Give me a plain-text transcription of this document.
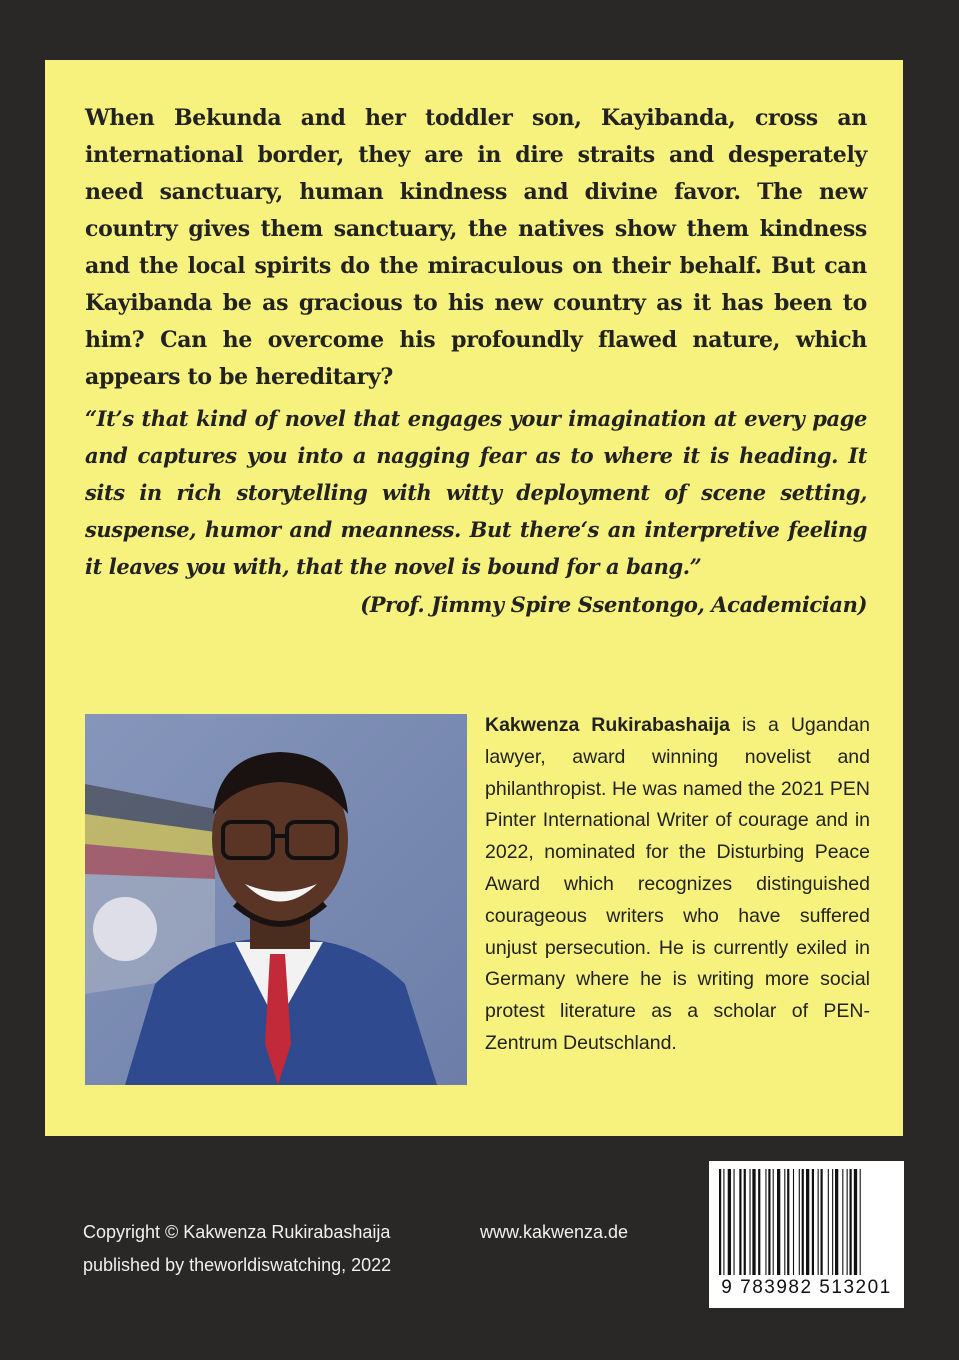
When Bekunda and her toddler son, Kayibanda, cross an international border, they are in dire straits and desperately need sanctuary, human kindness and divine favor. The new country gives them sanctuary, the natives show them kindness and the local spirits do the miraculous on their behalf. But can Kayibanda be as gracious to his new country as it has been to him? Can he overcome his profoundly flawed nature, which appears to be hereditary?

“It’s that kind of novel that engages your imagination at every page and captures you into a nagging fear as to where it is heading. It sits in rich storytelling with witty deployment of scene setting, suspense, humor and meanness. But there‘s an interpretive feeling it leaves you with, that the novel is bound for a bang.”

(Prof. Jimmy Spire Ssentongo, Academician)

Kakwenza Rukirabashaija is a Ugandan lawyer, award winning novelist and philanthropist. He was named the 2021 PEN Pinter International Writer of courage and in 2022, nominated for the Disturbing Peace Award which recognizes distinguished courageous writers who have suffered unjust persecution. He is currently exiled in Germany where he is writing more social protest literature as a scholar of PEN-Zentrum Deutschland.

Copyright © Kakwenza Rukirabashaija	www.kakwenza.de
published by theworldiswatching, 2022
9 783982 513201
